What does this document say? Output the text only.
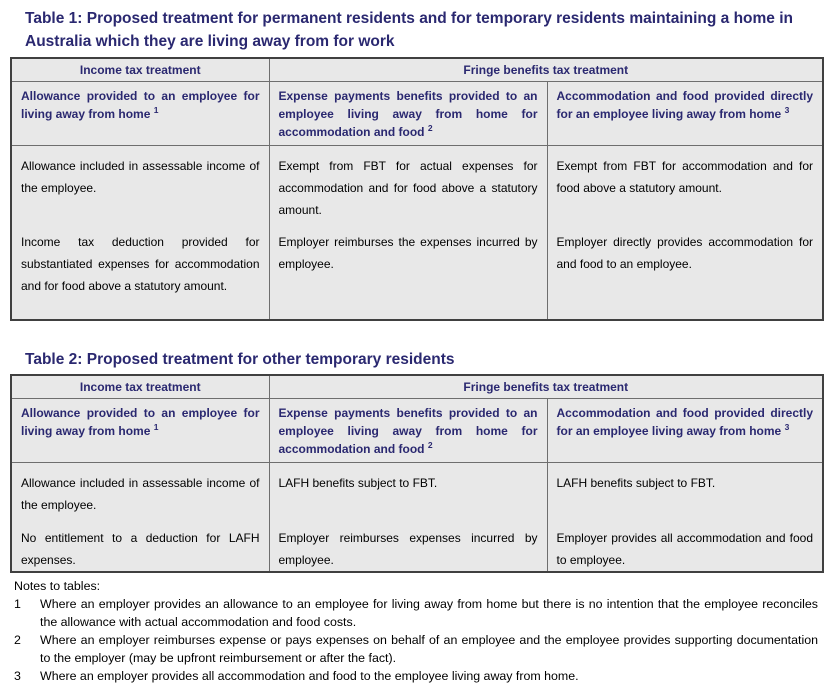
Table 1: Proposed treatment for permanent residents and for temporary residents maintaining a home in Australia which they are living away from for work
Income tax treatment	Fringe benefits tax treatment	
Allowance provided to an employee for living away from home $^1$	Expense payments benefits provided to an employee living away from home for accommodation and food $^2$	Accommodation and food provided directly for an employee living away from home $^3$

Allowance included in assessable income of the employee.	Exempt from FBT for actual expenses for accommodation and for food above a statutory amount.	Exempt from FBT for accommodation and for food above a statutory amount.

Income tax deduction provided for substantiated expenses for accommodation and for food above a statutory amount.	Employer reimburses the expenses incurred by employee.	Employer directly provides accommodation for and food to an employee.

Table 2: Proposed treatment for other temporary residents
Income tax treatment	Fringe benefits tax treatment	
Allowance provided to an employee for living away from home $^1$	Expense payments benefits provided to an employee living away from home for accommodation and food $^2$	Accommodation and food provided directly for an employee living away from home $^3$

Allowance included in assessable income of the employee.	LAFH benefits subject to FBT.	LAFH benefits subject to FBT.

No entitlement to a deduction for LAFH expenses.	Employer reimburses expenses incurred by employee.	Employer provides all accommodation and food to employee.

Notes to tables:
1	Where an employer provides an allowance to an employee for living away from home but there is no intention that the employee reconciles the allowance with actual accommodation and food costs.
2	Where an employer reimburses expense or pays expenses on behalf of an employee and the employee provides supporting documentation to the employer (may be upfront reimbursement or after the fact).
3	Where an employer provides all accommodation and food to the employee living away from home.
